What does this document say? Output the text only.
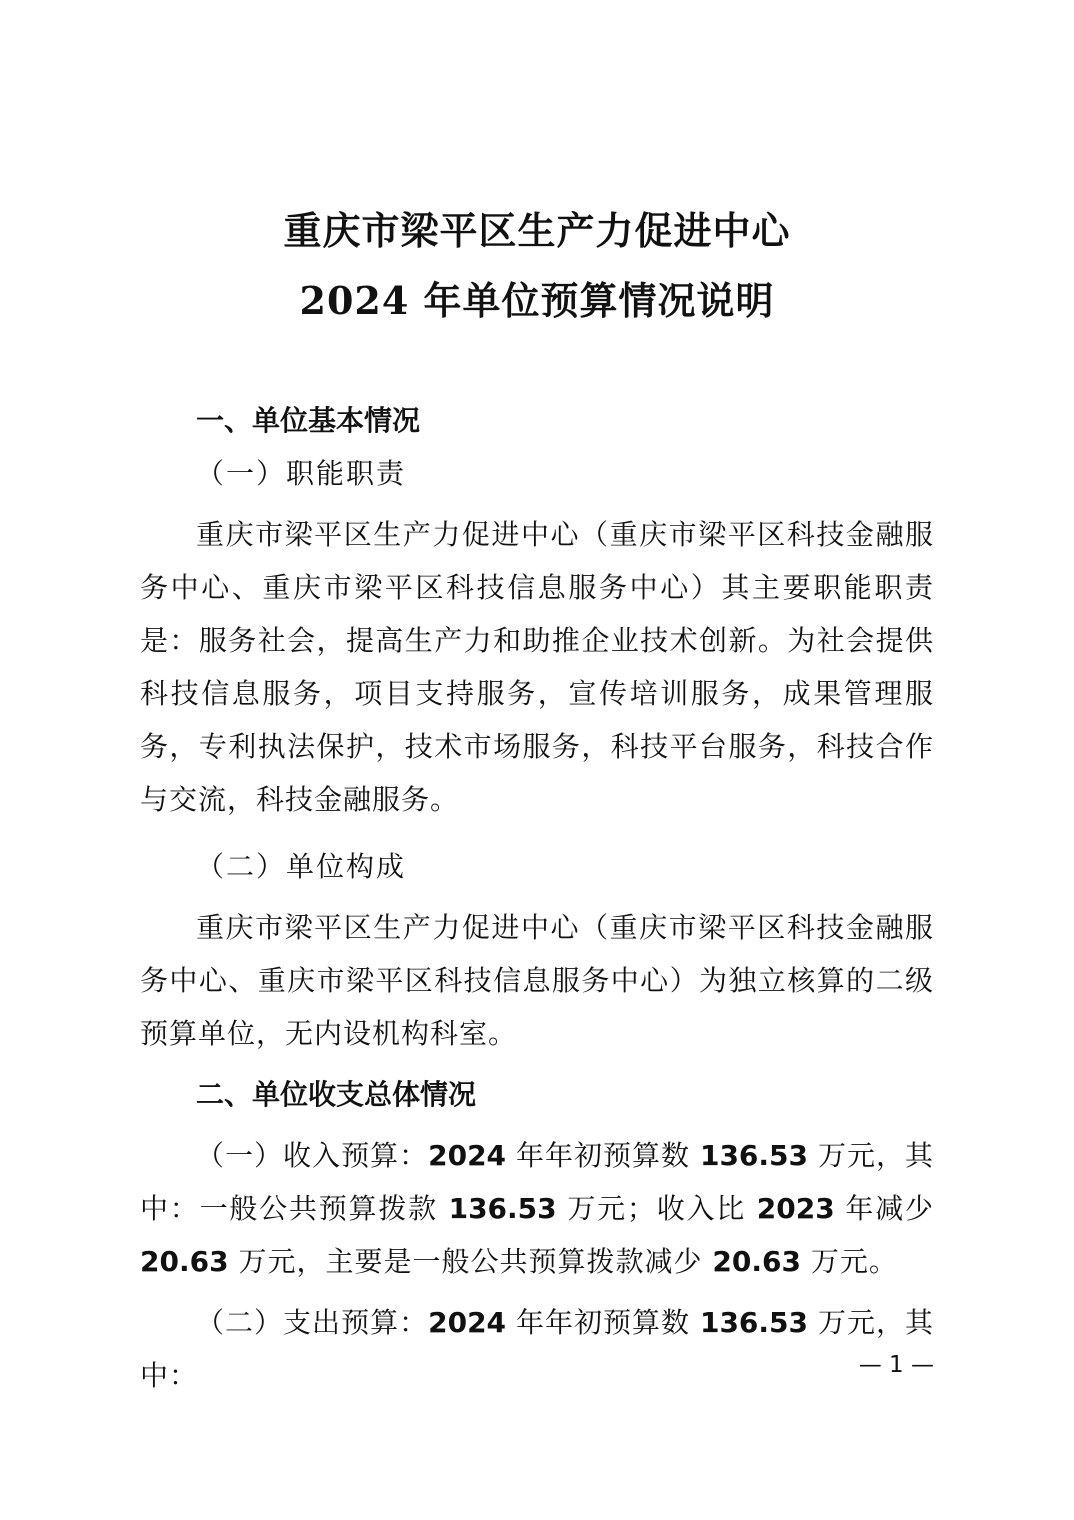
重庆市梁平区生产力促进中心
2024 年单位预算情况说明

一、单位基本情况

（一）职能职责

重庆市梁平区生产力促进中心（重庆市梁平区科技金融服务中心、重庆市梁平区科技信息服务中心）其主要职能职责是：服务社会，提高生产力和助推企业技术创新。为社会提供科技信息服务，项目支持服务，宣传培训服务，成果管理服务，专利执法保护，技术市场服务，科技平台服务，科技合作与交流，科技金融服务。

（二）单位构成

重庆市梁平区生产力促进中心（重庆市梁平区科技金融服务中心、重庆市梁平区科技信息服务中心）为独立核算的二级预算单位，无内设机构科室。

二、单位收支总体情况

（一）收入预算：2024 年年初预算数 136.53 万元，其中：一般公共预算拨款 136.53 万元；收入比 2023 年减少 20.63 万元，主要是一般公共预算拨款减少 20.63 万元。

（二）支出预算：2024 年年初预算数 136.53 万元，其中：	— 1 —
